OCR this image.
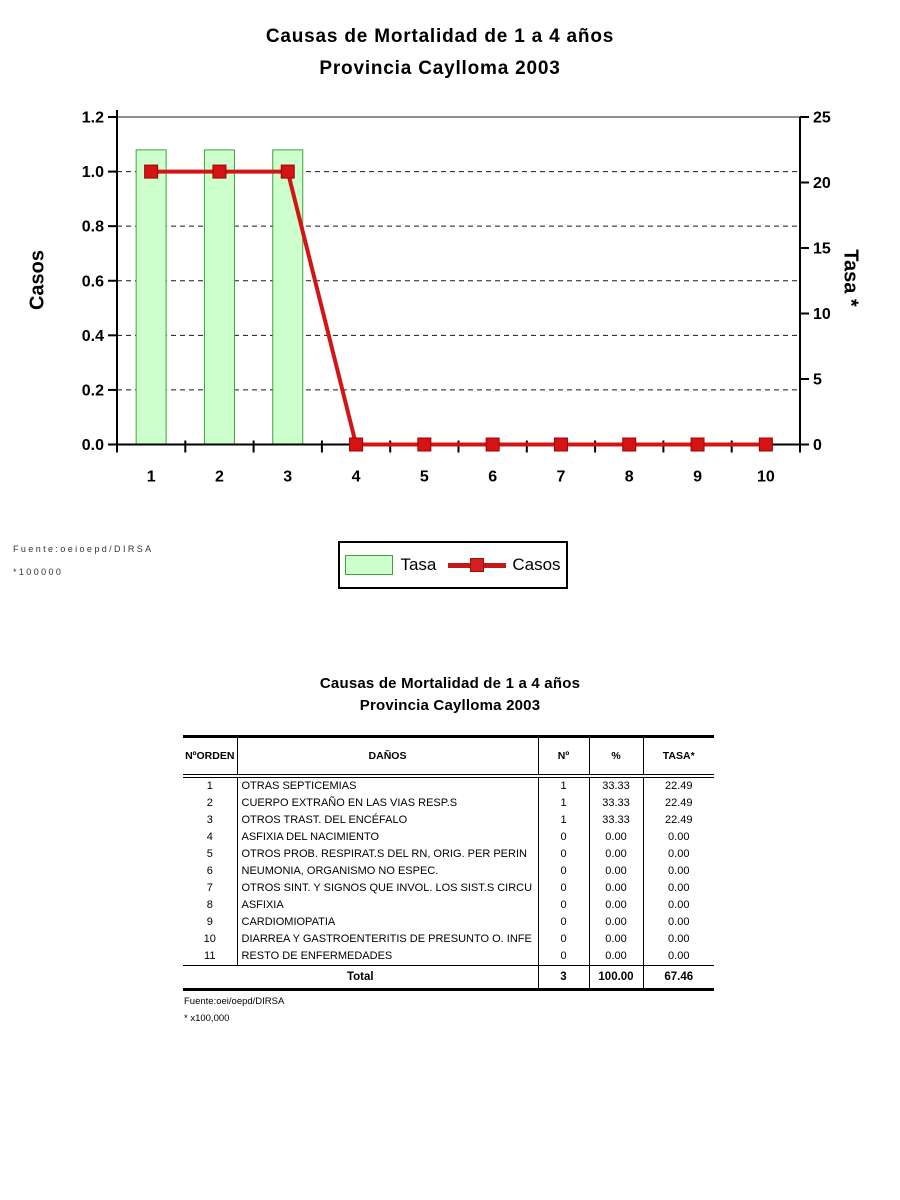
Causas de Mortalidad de 1 a 4 años
Provincia Caylloma 2003
0.0
0.2
0.4
0.6
0.8
1.0
1.2
0
5
10
15
20
25
1	2	3	4	5	6	7	8	9	10
Casos	Tasa *
Tasa	Casos
Fuente:oeioepd/DIRSA
*100000
Causas de Mortalidad de 1 a 4 años
Provincia Caylloma 2003
NºORDEN	DAÑOS	Nº	%	TASA*
1	OTRAS SEPTICEMIAS	1	33.33	22.49
2	CUERPO EXTRAÑO EN LAS VIAS RESP.S	1	33.33	22.49
3	OTROS TRAST. DEL ENCÉFALO	1	33.33	22.49
4	ASFIXIA DEL NACIMIENTO	0	0.00	0.00
5	OTROS PROB. RESPIRAT.S DEL RN, ORIG. PER PERIN	0	0.00	0.00
6	NEUMONIA, ORGANISMO NO ESPEC.	0	0.00	0.00
7	OTROS SINT. Y SIGNOS QUE INVOL. LOS SIST.S CIRCU	0	0.00	0.00
8	ASFIXIA	0	0.00	0.00
9	CARDIOMIOPATIA	0	0.00	0.00
10	DIARREA Y GASTROENTERITIS DE PRESUNTO O. INFE	0	0.00	0.00
11	RESTO DE ENFERMEDADES	0	0.00	0.00
Total		3	100.00	67.46
Fuente:oei/oepd/DIRSA
* x100,000
